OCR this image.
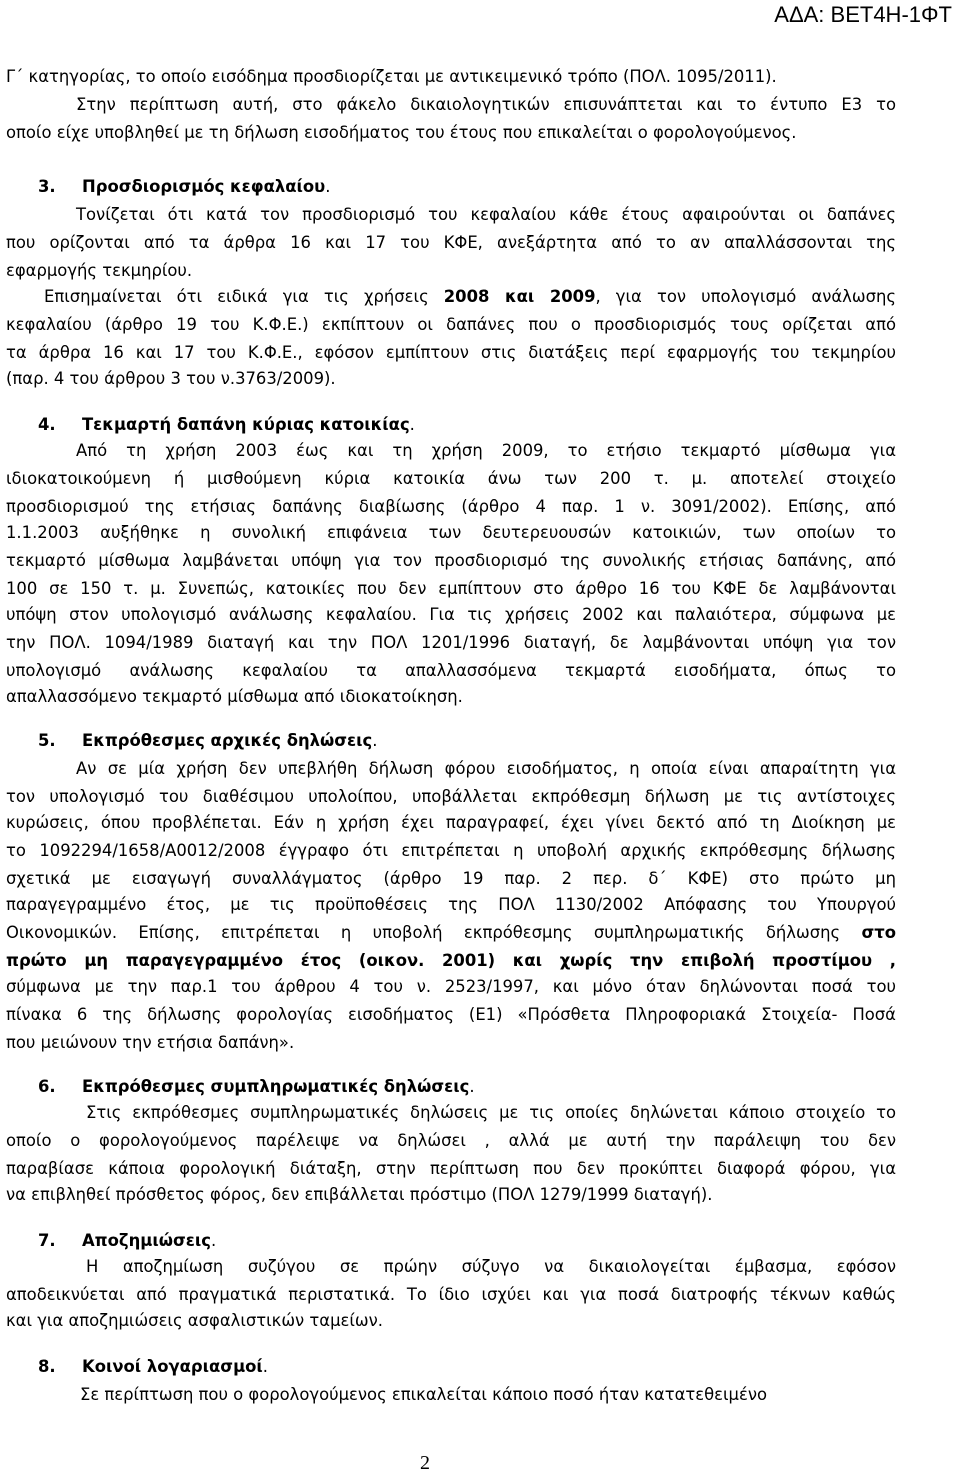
ΑΔΑ: ΒΕΤ4Η-1ΦΤ
Γ΄ κατηγορίας, το οποίο εισόδημα προσδιορίζεται με αντικειμενικό τρόπο (ΠΟΛ. 1095/2011).
Στην περίπτωση αυτή, στο φάκελο δικαιολογητικών επισυνάπτεται και το έντυπο Ε3 το
οποίο είχε υποβληθεί με τη δήλωση εισοδήματος του έτους που επικαλείται ο φορολογούμενος.
3. Προσδιορισμός κεφαλαίου.
Τονίζεται ότι κατά τον προσδιορισμό του κεφαλαίου κάθε έτους αφαιρούνται οι δαπάνες
που ορίζονται από τα άρθρα 16 και 17 του ΚΦΕ, ανεξάρτητα από το αν απαλλάσσονται της
εφαρμογής τεκμηρίου.
Επισημαίνεται ότι ειδικά για τις χρήσεις 2008 και 2009, για τον υπολογισμό ανάλωσης
κεφαλαίου (άρθρο 19 του Κ.Φ.Ε.) εκπίπτουν οι δαπάνες που ο προσδιορισμός τους ορίζεται από
τα άρθρα 16 και 17 του Κ.Φ.Ε., εφόσον εμπίπτουν στις διατάξεις περί εφαρμογής του τεκμηρίου
(παρ. 4 του άρθρου 3 του ν.3763/2009).
4. Τεκμαρτή δαπάνη κύριας κατοικίας.
Από τη χρήση 2003 έως και τη χρήση 2009, το ετήσιο τεκμαρτό μίσθωμα για
ιδιοκατοικούμενη ή μισθούμενη κύρια κατοικία άνω των 200 τ. μ. αποτελεί στοιχείο
προσδιορισμού της ετήσιας δαπάνης διαβίωσης (άρθρο 4 παρ. 1 ν. 3091/2002). Επίσης, από
1.1.2003 αυξήθηκε η συνολική επιφάνεια των δευτερευουσών κατοικιών, των οποίων το
τεκμαρτό μίσθωμα λαμβάνεται υπόψη για τον προσδιορισμό της συνολικής ετήσιας δαπάνης, από
100 σε 150 τ. μ. Συνεπώς, κατοικίες που δεν εμπίπτουν στο άρθρο 16 του ΚΦΕ δε λαμβάνονται
υπόψη στον υπολογισμό ανάλωσης κεφαλαίου. Για τις χρήσεις 2002 και παλαιότερα, σύμφωνα με
την ΠΟΛ. 1094/1989 διαταγή και την ΠΟΛ 1201/1996 διαταγή, δε λαμβάνονται υπόψη για τον
υπολογισμό ανάλωσης κεφαλαίου τα απαλλασσόμενα τεκμαρτά εισοδήματα, όπως το
απαλλασσόμενο τεκμαρτό μίσθωμα από ιδιοκατοίκηση.
5. Εκπρόθεσμες αρχικές δηλώσεις.
Αν σε μία χρήση δεν υπεβλήθη δήλωση φόρου εισοδήματος, η οποία είναι απαραίτητη για
τον υπολογισμό του διαθέσιμου υπολοίπου, υποβάλλεται εκπρόθεσμη δήλωση με τις αντίστοιχες
κυρώσεις, όπου προβλέπεται. Εάν η χρήση έχει παραγραφεί, έχει γίνει δεκτό από τη Διοίκηση με
το 1092294/1658/Α0012/2008 έγγραφο ότι επιτρέπεται η υποβολή αρχικής εκπρόθεσμης δήλωσης
σχετικά με εισαγωγή συναλλάγματος (άρθρο 19 παρ. 2 περ. δ΄ ΚΦΕ) στο πρώτο μη
παραγεγραμμένο έτος, με τις προϋποθέσεις της ΠΟΛ 1130/2002 Απόφασης του Υπουργού
Οικονομικών. Επίσης, επιτρέπεται η υποβολή εκπρόθεσμης συμπληρωματικής δήλωσης στο
πρώτο μη παραγεγραμμένο έτος (οικον. 2001) και χωρίς την επιβολή προστίμου ,
σύμφωνα με την παρ.1 του άρθρου 4 του ν. 2523/1997, και μόνο όταν δηλώνονται ποσά του
πίνακα 6 της δήλωσης φορολογίας εισοδήματος (Ε1) «Πρόσθετα Πληροφοριακά Στοιχεία- Ποσά
που μειώνουν την ετήσια δαπάνη».
6. Εκπρόθεσμες συμπληρωματικές δηλώσεις.
Στις εκπρόθεσμες συμπληρωματικές δηλώσεις με τις οποίες δηλώνεται κάποιο στοιχείο το
οποίο ο φορολογούμενος παρέλειψε να δηλώσει , αλλά με αυτή την παράλειψη του δεν
παραβίασε κάποια φορολογική διάταξη, στην περίπτωση που δεν προκύπτει διαφορά φόρου, για
να επιβληθεί πρόσθετος φόρος, δεν επιβάλλεται πρόστιμο (ΠΟΛ 1279/1999 διαταγή).
7. Αποζημιώσεις.
Η αποζημίωση συζύγου σε πρώην σύζυγο να δικαιολογείται έμβασμα, εφόσον
αποδεικνύεται από πραγματικά περιστατικά. Το ίδιο ισχύει και για ποσά διατροφής τέκνων καθώς
και για αποζημιώσεις ασφαλιστικών ταμείων.
8. Κοινοί λογαριασμοί.
Σε περίπτωση που ο φορολογούμενος επικαλείται κάποιο ποσό ήταν κατατεθειμένο
2
